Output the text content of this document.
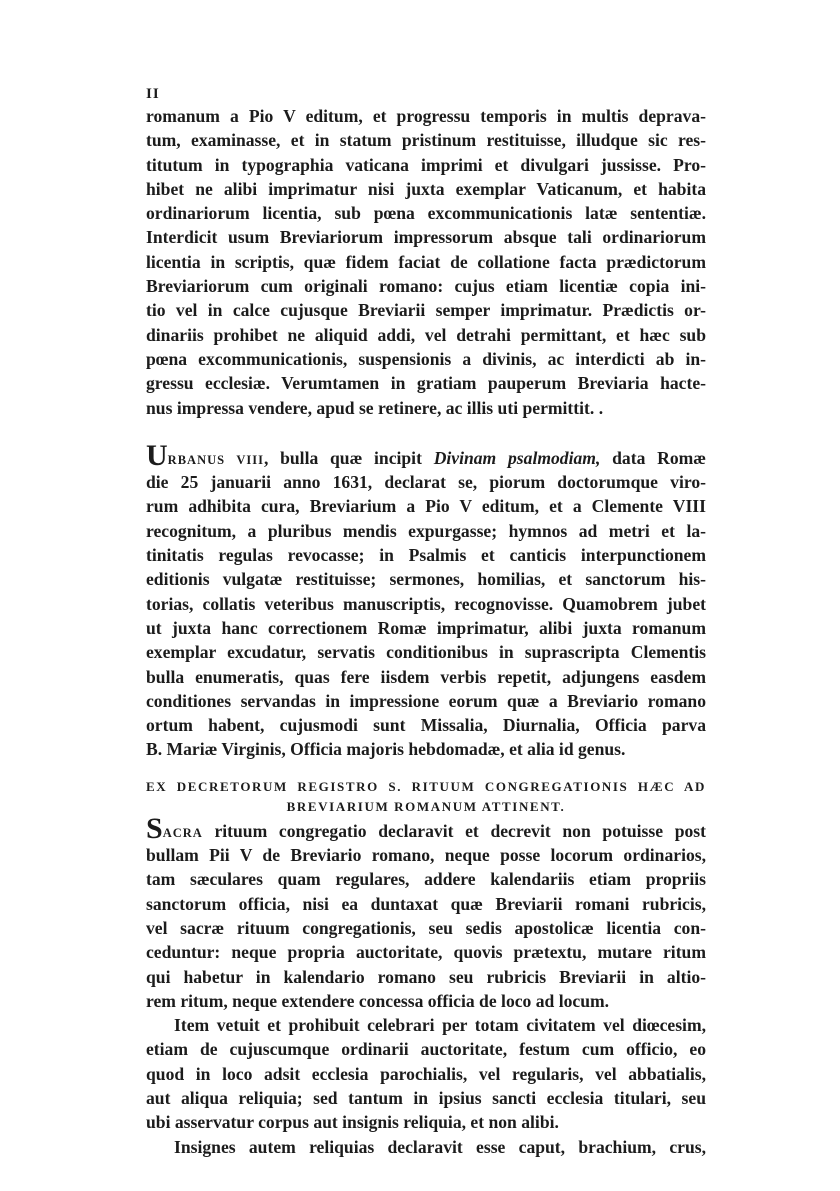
II
romanum a Pio V editum, et progressu temporis in multis deprava-
tum, examinasse, et in statum pristinum restituisse, illudque sic res-
titutum in typographia vaticana imprimi et divulgari jussisse. Pro-
hibet ne alibi imprimatur nisi juxta exemplar Vaticanum, et habita
ordinariorum licentia, sub pœna excommunicationis latæ sententiæ.
Interdicit usum Breviariorum impressorum absque tali ordinariorum
licentia in scriptis, quæ fidem faciat de collatione facta prædictorum
Breviariorum cum originali romano: cujus etiam licentiæ copia ini-
tio vel in calce cujusque Breviarii semper imprimatur. Prædictis or-
dinariis prohibet ne aliquid addi, vel detrahi permittant, et hæc sub
pœna excommunicationis, suspensionis a divinis, ac interdicti ab in-
gressu ecclesiæ. Verumtamen in gratiam pauperum Breviaria hacte-
nus impressa vendere, apud se retinere, ac illis uti permittit. .
URBANUS VIII, bulla quæ incipit Divinam psalmodiam, data Romæ
die 25 januarii anno 1631, declarat se, piorum doctorumque viro-
rum adhibita cura, Breviarium a Pio V editum, et a Clemente VIII
recognitum, a pluribus mendis expurgasse; hymnos ad metri et la-
tinitatis regulas revocasse; in Psalmis et canticis interpunctionem
editionis vulgatæ restituisse; sermones, homilias, et sanctorum his-
torias, collatis veteribus manuscriptis, recognovisse. Quamobrem jubet
ut juxta hanc correctionem Romæ imprimatur, alibi juxta romanum
exemplar excudatur, servatis conditionibus in suprascripta Clementis
bulla enumeratis, quas fere iisdem verbis repetit, adjungens easdem
conditiones servandas in impressione eorum quæ a Breviario romano
ortum habent, cujusmodi sunt Missalia, Diurnalia, Officia parva
B. Mariæ Virginis, Officia majoris hebdomadæ, et alia id genus.
EX DECRETORUM REGISTRO S. RITUUM CONGREGATIONIS HÆC AD
BREVIARIUM ROMANUM ATTINENT.
SACRA rituum congregatio declaravit et decrevit non potuisse post
bullam Pii V de Breviario romano, neque posse locorum ordinarios,
tam sæculares quam regulares, addere kalendariis etiam propriis
sanctorum officia, nisi ea duntaxat quæ Breviarii romani rubricis,
vel sacræ rituum congregationis, seu sedis apostolicæ licentia con-
ceduntur: neque propria auctoritate, quovis prætextu, mutare ritum
qui habetur in kalendario romano seu rubricis Breviarii in altio-
rem ritum, neque extendere concessa officia de loco ad locum.
Item vetuit et prohibuit celebrari per totam civitatem vel diœcesim,
etiam de cujuscumque ordinarii auctoritate, festum cum officio, eo
quod in loco adsit ecclesia parochialis, vel regularis, vel abbatialis,
aut aliqua reliquia; sed tantum in ipsius sancti ecclesia titulari, seu
ubi asservatur corpus aut insignis reliquia, et non alibi.
Insignes autem reliquias declaravit esse caput, brachium, crus,
